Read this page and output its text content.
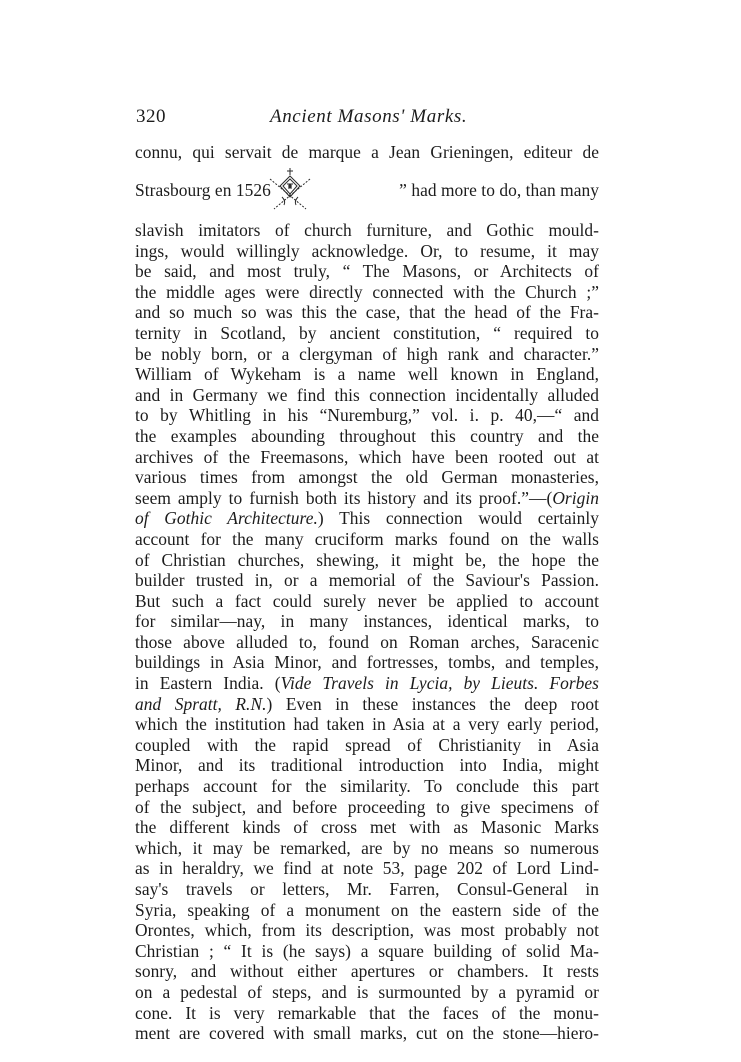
320	Ancient Masons' Marks.
connu, qui servait de marque a Jean Grieningen, editeur de
Strasbourg en 1526	” had more to do, than many
slavish imitators of church furniture, and Gothic mould-
ings, would willingly acknowledge. Or, to resume, it may
be said, and most truly, “ The Masons, or Architects of
the middle ages were directly connected with the Church ;”
and so much so was this the case, that the head of the Fra-
ternity in Scotland, by ancient constitution, “ required to
be nobly born, or a clergyman of high rank and character.”
William of Wykeham is a name well known in England,
and in Germany we find this connection incidentally alluded
to by Whitling in his “Nuremburg,” vol. i. p. 40,—“ and
the examples abounding throughout this country and the
archives of the Freemasons, which have been rooted out at
various times from amongst the old German monasteries,
seem amply to furnish both its history and its proof.”—(Origin
of Gothic Architecture.) This connection would certainly
account for the many cruciform marks found on the walls
of Christian churches, shewing, it might be, the hope the
builder trusted in, or a memorial of the Saviour's Passion.
But such a fact could surely never be applied to account
for similar—nay, in many instances, identical marks, to
those above alluded to, found on Roman arches, Saracenic
buildings in Asia Minor, and fortresses, tombs, and temples,
in Eastern India. (Vide Travels in Lycia, by Lieuts. Forbes
and Spratt, R.N.) Even in these instances the deep root
which the institution had taken in Asia at a very early period,
coupled with the rapid spread of Christianity in Asia
Minor, and its traditional introduction into India, might
perhaps account for the similarity. To conclude this part
of the subject, and before proceeding to give specimens of
the different kinds of cross met with as Masonic Marks
which, it may be remarked, are by no means so numerous
as in heraldry, we find at note 53, page 202 of Lord Lind-
say's travels or letters, Mr. Farren, Consul-General in
Syria, speaking of a monument on the eastern side of the
Orontes, which, from its description, was most probably not
Christian ; “ It is (he says) a square building of solid Ma-
sonry, and without either apertures or chambers. It rests
on a pedestal of steps, and is surmounted by a pyramid or
cone. It is very remarkable that the faces of the monu-
ment are covered with small marks, cut on the stone—hiero-
